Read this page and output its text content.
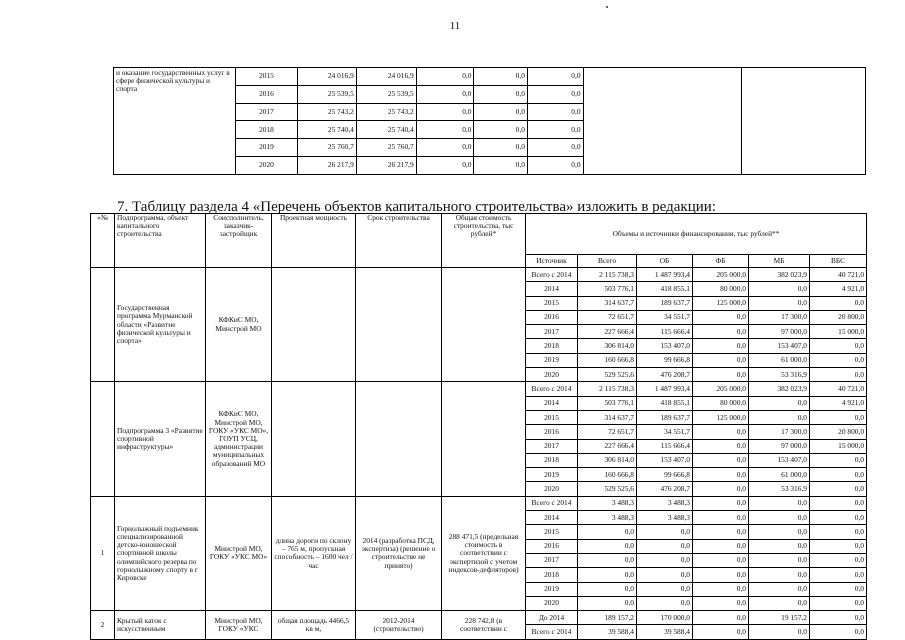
11
и оказание государственных услуг в сфере физической культуры и спорта	2015	24 016,9	24 016,9	0,0	0,0	0,0		
	2016	25 539,5	25 539,5	0,0	0,0	0,0		
	2017	25 743,2	25 743,2	0,0	0,0	0,0		
	2018	25 740,4	25 740,4	0,0	0,0	0,0		
	2019	25 760,7	25 760,7	0,0	0,0	0,0		
	2020	26 217,9	26 217,9	0,0	0,0	0,0		
7. Таблицу раздела 4 «Перечень объектов капитального строительства» изложить в редакции:
«№	Подпрограмма, объект капитального строительства	Соисполнитель, заказчик-застройщик	Проектная мощность	Срок строительства	Общая стоимость строительства, тыс рублей*	Объемы и источники финансирования, тыс рублей**					
						Источник	Всего	ОБ	ФБ	МБ	ВБС
	Государственная программа Мурманской области «Развитие физической культуры и спорта»	КФКиС МО, Минстрой МО				Всего с 2014	2 115 738,3	1 487 993,4	205 000,0	382 023,9	40 721,0
						2014	503 776,1	418 855,1	80 000,0	0,0	4 921,0
						2015	314 637,7	189 637,7	125 000,0	0,0	0,0
						2016	72 651,7	34 551,7	0,0	17 300,0	20 800,0
						2017	227 666,4	115 666,4	0,0	97 000,0	15 000,0
						2018	306 814,0	153 407,0	0,0	153 407,0	0,0
						2019	160 666,8	99 666,8	0,0	61 000,0	0,0
						2020	529 525,6	476 208,7	0,0	53 316,9	0,0
	Подпрограмма 3 «Развитие спортивной инфраструктуры»	КФКиС МО, Минстрой МО, ГОКУ «УКС МО», ГОУП УСЦ, администрации муниципальных образований МО				Всего с 2014	2 115 738,3	1 487 993,4	205 000,0	382 023,9	40 721,0
						2014	503 776,1	418 855,1	80 000,0	0,0	4 921,0
						2015	314 637,7	189 637,7	125 000,0	0,0	0,0
						2016	72 651,7	34 551,7	0,0	17 300,0	20 800,0
						2017	227 666,4	115 666,4	0,0	97 000,0	15 000,0
						2018	306 814,0	153 407,0	0,0	153 407,0	0,0
						2019	160 666,8	99 666,8	0,0	61 000,0	0,0
						2020	529 525,6	476 208,7	0,0	53 316,9	0,0
1	Горнолыжный подъемник специализированной детско-юношеской спортивной школы олимпийского резерва по горнолыжному спорту в г Кировске	Минстрой МО, ГОКУ «УКС МО»	длина дороги по склону – 765 м, пропускная способность – 1600 чел /час	2014 (разработка ПСД, экспертиза) (решение о строительстве не принято)	288 471,5 (предельная стоимость в соответствии с экспертизой с учетом индексов-дефляторов)	Всего с 2014	3 488,3	3 488,3	0,0	0,0	0,0
						2014	3 488,3	3 488,3	0,0	0,0	0,0
						2015	0,0	0,0	0,0	0,0	0,0
						2016	0,0	0,0	0,0	0,0	0,0
						2017	0,0	0,0	0,0	0,0	0,0
						2018	0,0	0,0	0,0	0,0	0,0
						2019	0,0	0,0	0,0	0,0	0,0
						2020	0,0	0,0	0,0	0,0	0,0
2	Крытый каток с искусственным	Минстрой МО, ГОКУ «УКС	общая площадь 4466,5 кв м,	2012-2014 (строительство)	228 742,8 (в соответствии с	До 2014	189 157,2	170 000,0	0,0	19 157,2	0,0
						Всего с 2014	39 588,4	39 588,4	0,0	0,0	0,0
